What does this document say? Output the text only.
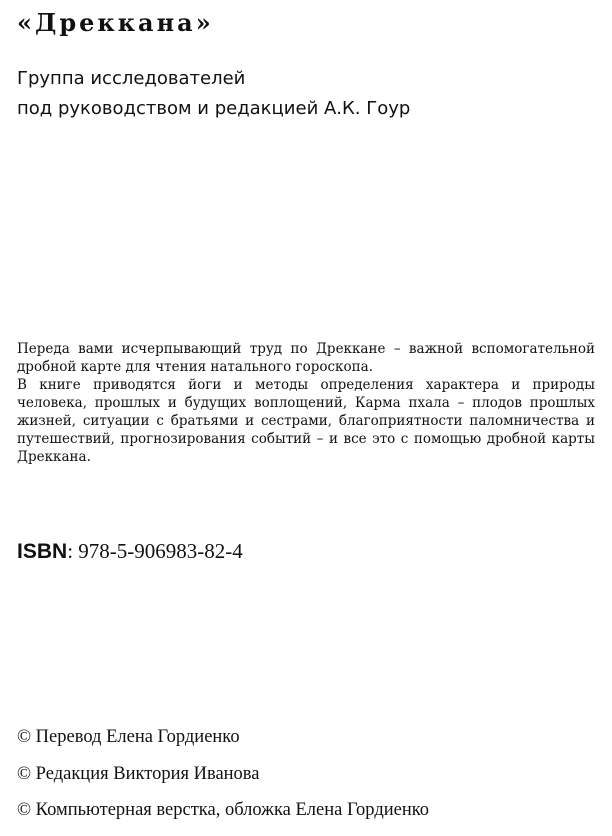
«Дреккана»
Группа исследователей
под руководством и редакцией А.К. Гоур

Переда вами исчерпывающий труд по Дреккане – важной вспомогательной дробной карте для чтения натального гороскопа.

В книге приводятся йоги и методы определения характера и природы человека, прошлых и будущих воплощений, Карма пхала – плодов прошлых жизней, ситуации с братьями и сестрами, благоприятности паломничества и путешествий, прогнозирования событий – и все это с помощью дробной карты Дреккана.

ISBN: 978-5-906983-82-4
© Перевод Елена Гордиенко
© Редакция Виктория Иванова
© Компьютерная верстка, обложка Елена Гордиенко
